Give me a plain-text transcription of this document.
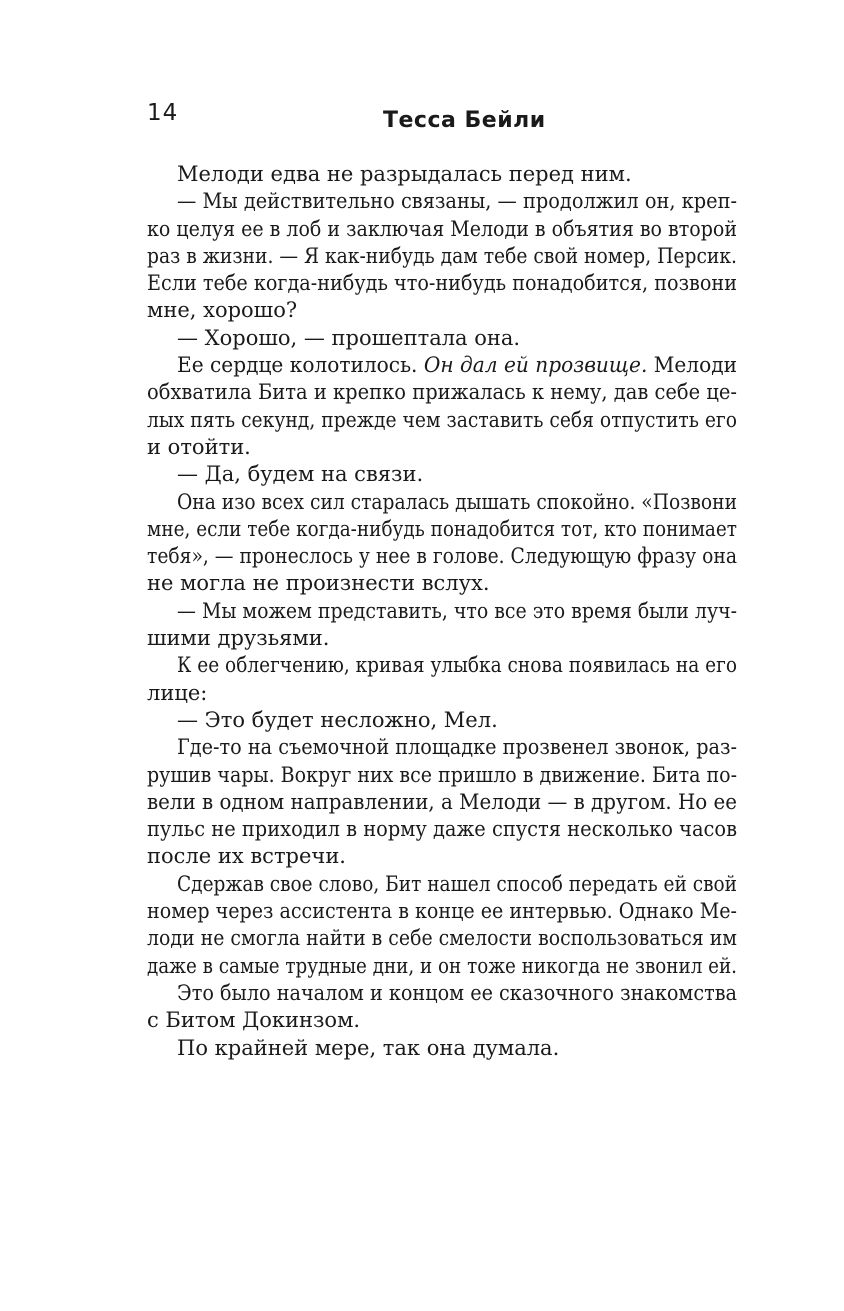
14	Тесса Бейли
Мелоди едва не разрыдалась перед ним.
— Мы действительно связаны, — продолжил он, креп-
ко целуя ее в лоб и заключая Мелоди в объятия во второй
раз в жизни. — Я как-нибудь дам тебе свой номер, Персик.
Если тебе когда-нибудь что-нибудь понадобится, позвони
мне, хорошо?
— Хорошо, — прошептала она.
Ее сердце колотилось. Он дал ей прозвище. Мелоди
обхватила Бита и крепко прижалась к нему, дав себе це-
лых пять секунд, прежде чем заставить себя отпустить его
и отойти.
— Да, будем на связи.
Она изо всех сил старалась дышать спокойно. «Позвони
мне, если тебе когда-нибудь понадобится тот, кто понимает
тебя», — пронеслось у нее в голове. Следующую фразу она
не могла не произнести вслух.
— Мы можем представить, что все это время были луч-
шими друзьями.
К ее облегчению, кривая улыбка снова появилась на его
лице:
— Это будет несложно, Мел.
Где-то на съемочной площадке прозвенел звонок, раз-
рушив чары. Вокруг них все пришло в движение. Бита по-
вели в одном направлении, а Мелоди — в другом. Но ее
пульс не приходил в норму даже спустя несколько часов
после их встречи.
Сдержав свое слово, Бит нашел способ передать ей свой
номер через ассистента в конце ее интервью. Однако Ме-
лоди не смогла найти в себе смелости воспользоваться им
даже в самые трудные дни, и он тоже никогда не звонил ей.
Это было началом и концом ее сказочного знакомства
с Битом Докинзом.
По крайней мере, так она думала.
